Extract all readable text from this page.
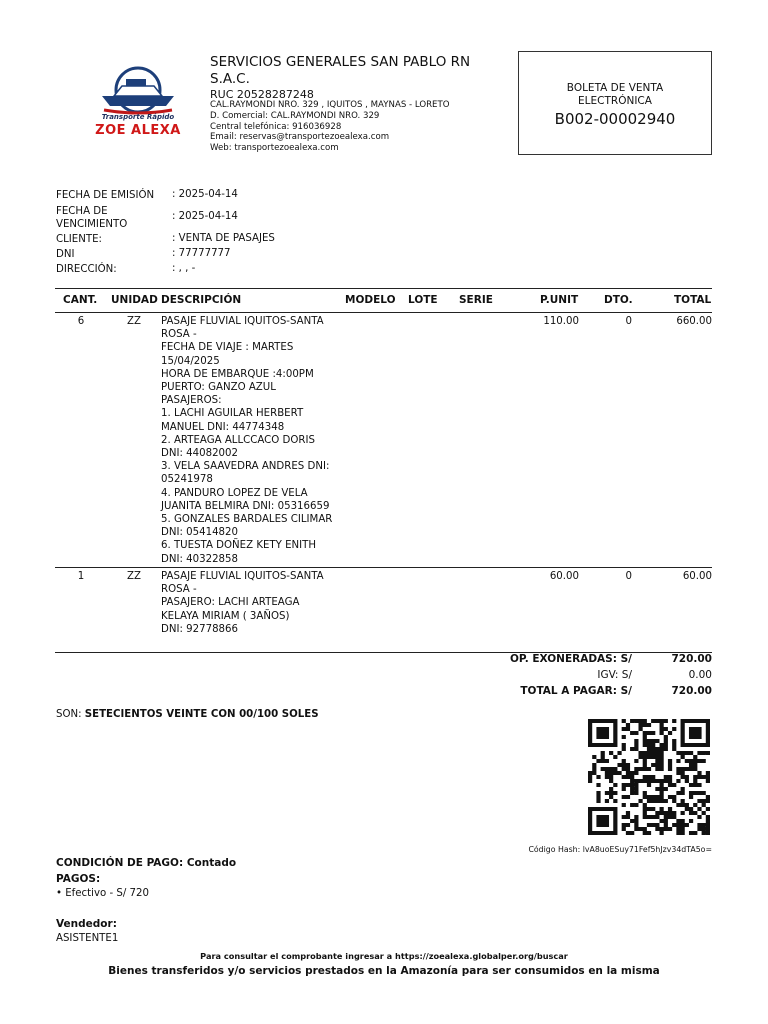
Transporte Rápido
ZOE ALEXA
SERVICIOS GENERALES SAN PABLO RN S.A.C.
RUC 20528287248
CAL.RAYMONDI NRO. 329 , IQUITOS , MAYNAS - LORETO
D. Comercial: CAL.RAYMONDI NRO. 329
Central telefónica: 916036928
Email: reservas@transportezoealexa.com
Web: transportezoealexa.com
BOLETA DE VENTA ELECTRÓNICA
B002-00002940
FECHA DE EMISIÓN	: 2025-04-14
FECHA DE VENCIMIENTO
: 2025-04-14
CLIENTE:	: VENTA DE PASAJES
DNI	: 77777777
DIRECCIÓN:	: , , -
CANT. UNIDAD DESCRIPCIÓN	MODELO LOTE SERIE	P.UNIT DTO.	TOTAL
6	ZZ	PASAJE FLUVIAL IQUITOS-SANTA ROSA -
FECHA DE VIAJE : MARTES 15/04/2025
HORA DE EMBARQUE :4:00PM
PUERTO: GANZO AZUL
PASAJEROS:
1. LACHI AGUILAR HERBERT MANUEL DNI: 44774348
2. ARTEAGA ALLCCACO DORIS DNI: 44082002
3. VELA SAAVEDRA ANDRES DNI: 05241978
4. PANDURO LOPEZ DE VELA JUANITA BELMIRA DNI: 05316659
5. GONZALES BARDALES CILIMAR DNI: 05414820
6. TUESTA DOÑEZ KETY ENITH DNI: 40322858
110.00	0	660.00
1	ZZ	PASAJE FLUVIAL IQUITOS-SANTA ROSA -
PASAJERO: LACHI ARTEAGA KELAYA MIRIAM ( 3AÑOS)
DNI: 92778866
60.00	0	60.00
OP. EXONERADAS: S/	720.00
IGV: S/	0.00
TOTAL A PAGAR: S/	720.00
SON: SETECIENTOS VEINTE CON 00/100 SOLES
Código Hash: lvA8uoESuy71Fef5hJzv34dTA5o=
CONDICIÓN DE PAGO: Contado
PAGOS:
• Efectivo - S/ 720
Vendedor:
ASISTENTE1
Para consultar el comprobante ingresar a https://zoealexa.globalper.org/buscar
Bienes transferidos y/o servicios prestados en la Amazonía para ser consumidos en la misma
